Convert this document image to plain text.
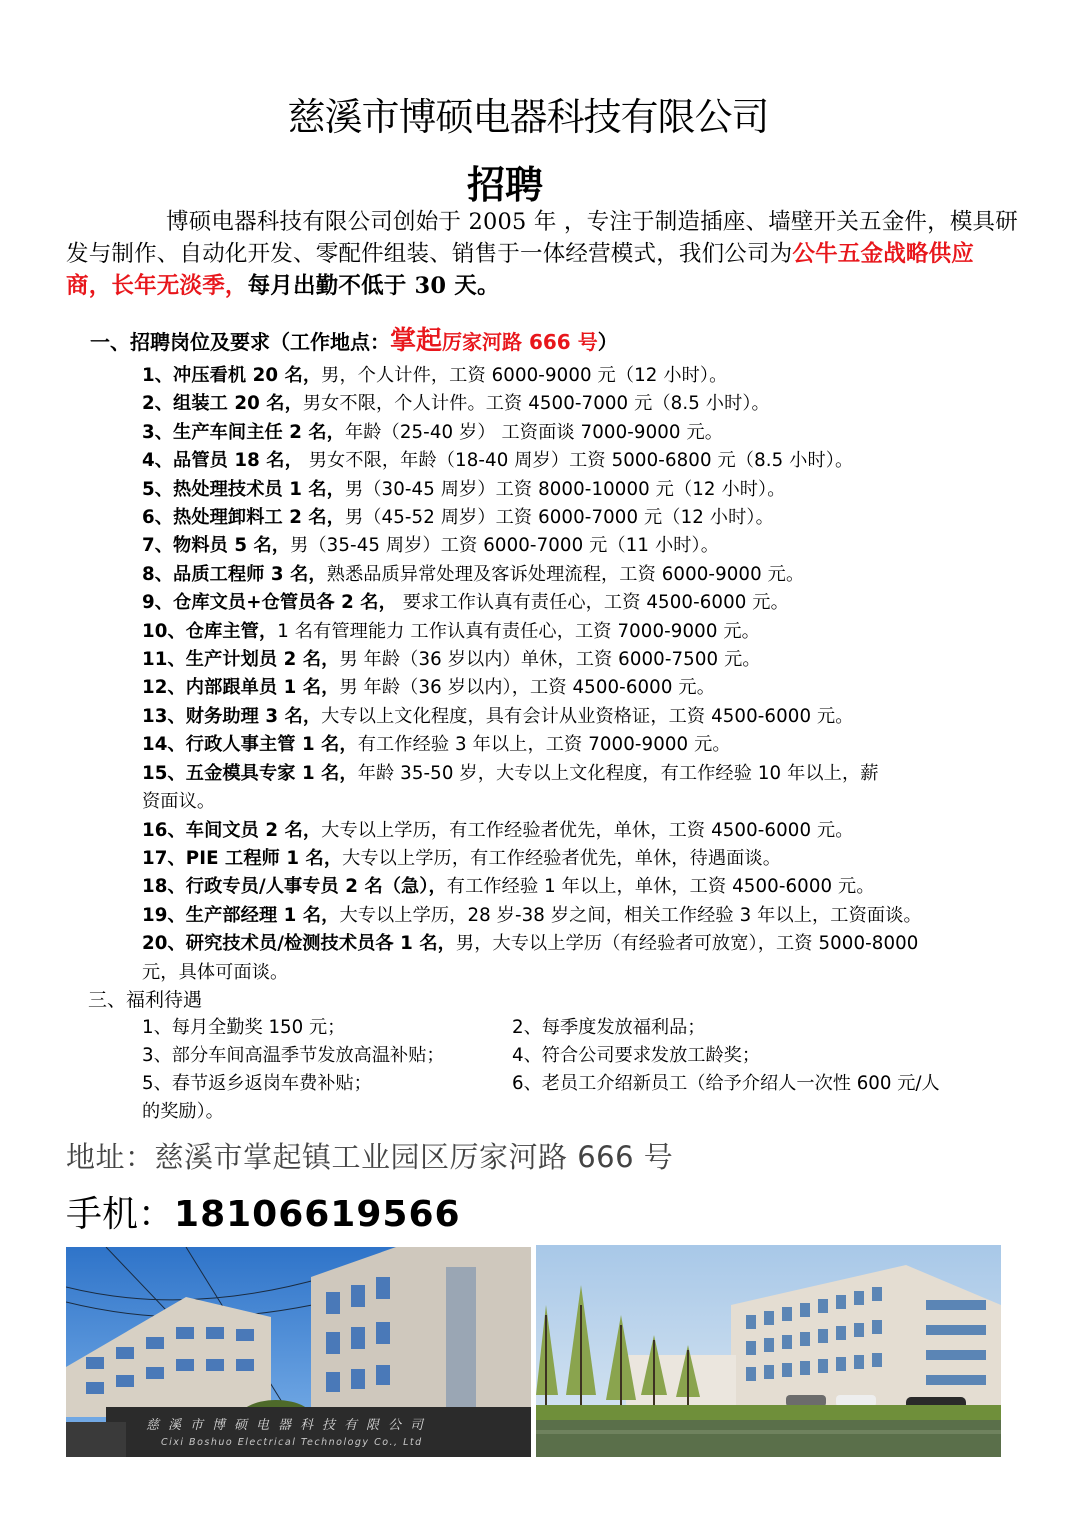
慈溪市博硕电器科技有限公司
招聘
博硕电器科技有限公司创始于 2005 年 ，专注于制造插座、墙壁开关五金件，模具研发与制作、自动化开发、零配件组装、销售于一体经营模式，我们公司为公牛五金战略供应商，长年无淡季，每月出勤不低于 30 天。
一、招聘岗位及要求（工作地点：掌起厉家河路 666 号）
1、冲压看机 20 名，男，个人计件，工资 6000-9000 元（12 小时）。
2、组装工 20 名，男女不限，个人计件。工资 4500-7000 元（8.5 小时）。
3、生产车间主任 2 名，年龄（25-40 岁） 工资面谈 7000-9000 元。
4、品管员 18 名， 男女不限，年龄（18-40 周岁）工资 5000-6800 元（8.5 小时）。
5、热处理技术员 1 名，男（30-45 周岁）工资 8000-10000 元（12 小时）。
6、热处理卸料工 2 名，男（45-52 周岁）工资 6000-7000 元（12 小时）。
7、物料员 5 名，男（35-45 周岁）工资 6000-7000 元（11 小时）。
8、品质工程师 3 名，熟悉品质异常处理及客诉处理流程，工资 6000-9000 元。
9、仓库文员+仓管员各 2 名， 要求工作认真有责任心，工资 4500-6000 元。
10、仓库主管，1 名有管理能力 工作认真有责任心，工资 7000-9000 元。
11、生产计划员 2 名，男 年龄（36 岁以内）单休，工资 6000-7500 元。
12、内部跟单员 1 名，男 年龄（36 岁以内），工资 4500-6000 元。
13、财务助理 3 名，大专以上文化程度，具有会计从业资格证，工资 4500-6000 元。
14、行政人事主管 1 名，有工作经验 3 年以上，工资 7000-9000 元。
15、五金模具专家 1 名，年龄 35-50 岁，大专以上文化程度，有工作经验 10 年以上，薪
资面议。
16、车间文员 2 名，大专以上学历，有工作经验者优先，单休，工资 4500-6000 元。
17、PIE 工程师 1 名，大专以上学历，有工作经验者优先，单休，待遇面谈。
18、行政专员/人事专员 2 名（急），有工作经验 1 年以上，单休，工资 4500-6000 元。
19、生产部经理 1 名，大专以上学历，28 岁-38 岁之间，相关工作经验 3 年以上，工资面谈。
20、研究技术员/检测技术员各 1 名，男，大专以上学历（有经验者可放宽），工资 5000-8000
元，具体可面谈。
三、福利待遇
1、每月全勤奖 150 元；	2、每季度发放福利品；
3、部分车间高温季节发放高温补贴；	4、符合公司要求发放工龄奖；
5、春节返乡返岗车费补贴；	6、老员工介绍新员工（给予介绍人一次性 600 元/人
的奖励）。
地址：慈溪市掌起镇工业园区厉家河路 666 号
手机：18106619566
慈溪市博硕电器科技有限公司
Cixi Boshuo Electrical Technology Co., Ltd
